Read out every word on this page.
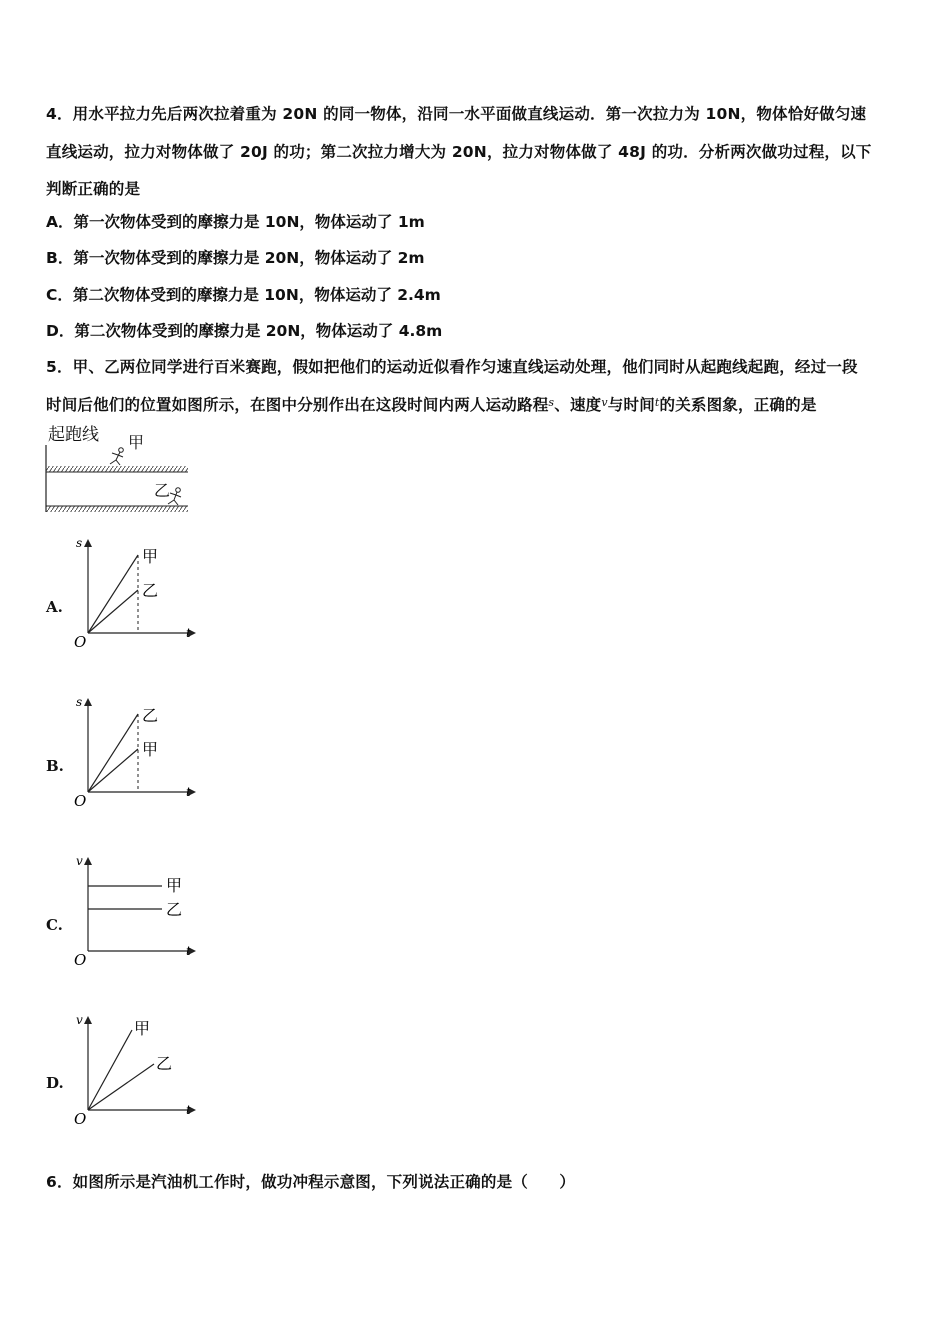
4．用水平拉力先后两次拉着重为 20N 的同一物体，沿同一水平面做直线运动．第一次拉力为 10N，物体恰好做匀速
直线运动，拉力对物体做了 20J 的功；第二次拉力增大为 20N，拉力对物体做了 48J 的功．分析两次做功过程，以下
判断正确的是
A．第一次物体受到的摩擦力是 10N，物体运动了 1m
B．第一次物体受到的摩擦力是 20N，物体运动了 2m
C．第二次物体受到的摩擦力是 10N，物体运动了 2.4m
D．第二次物体受到的摩擦力是 20N，物体运动了 4.8m
5．甲、乙两位同学进行百米赛跑，假如把他们的运动近似看作匀速直线运动处理，他们同时从起跑线起跑，经过一段
时间后他们的位置如图所示，在图中分别作出在这段时间内两人运动路程$^s$、速度$^v$与时间$^t$的关系图象，正确的是
起跑线 甲
乙
A.
s
t
O
甲
乙
B.
s
t
O
乙
甲
C.
v
t
O
甲
乙
D.
v
t
O
甲
乙
6．如图所示是汽油机工作时，做功冲程示意图，下列说法正确的是（　　）
